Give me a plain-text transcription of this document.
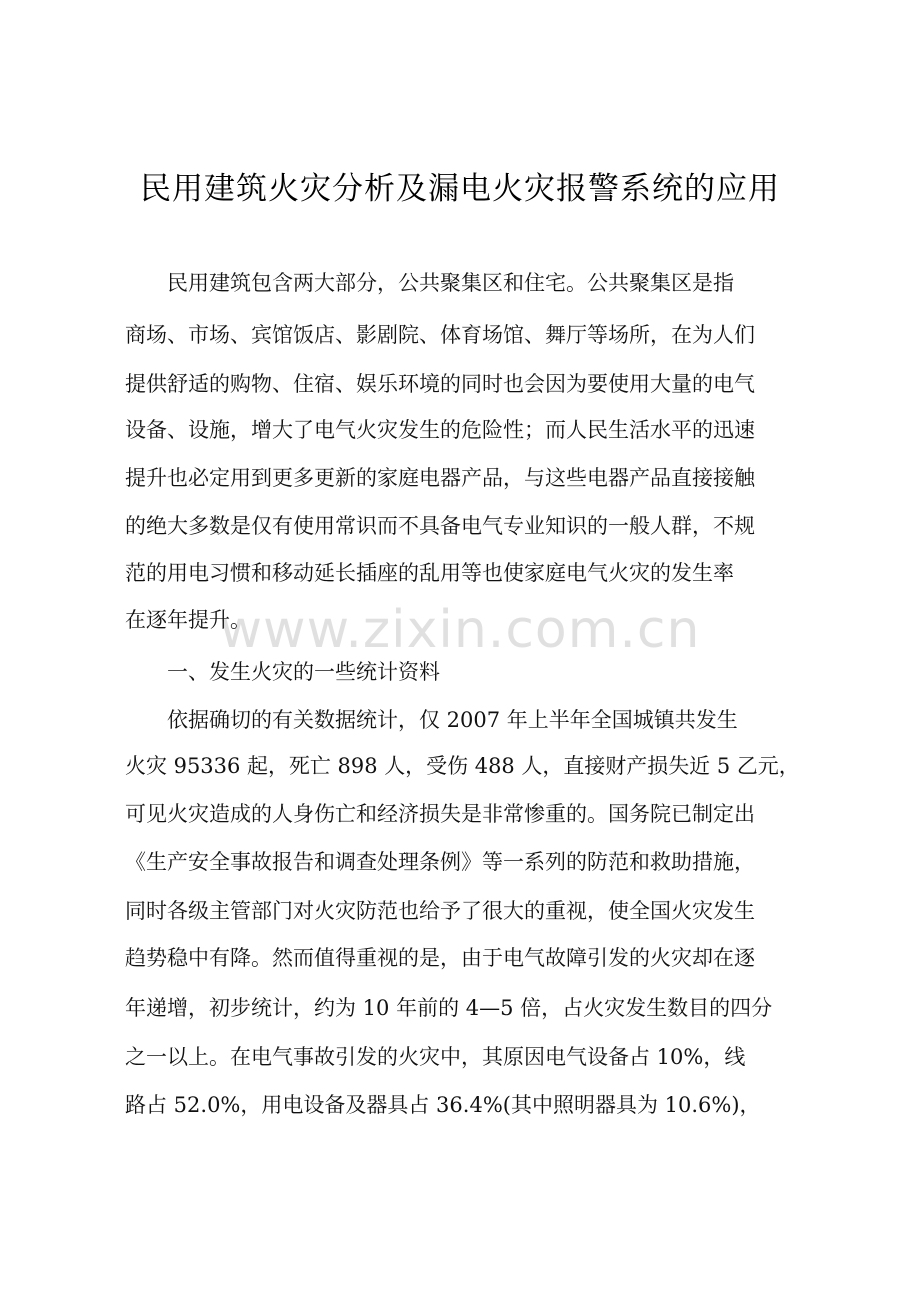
民用建筑火灾分析及漏电火灾报警系统的应用
www.zixin.com.cn
民用建筑包含两大部分，公共聚集区和住宅。公共聚集区是指
商场、市场、宾馆饭店、影剧院、体育场馆、舞厅等场所，在为人们
提供舒适的购物、住宿、娱乐环境的同时也会因为要使用大量的电气
设备、设施，增大了电气火灾发生的危险性；而人民生活水平的迅速
提升也必定用到更多更新的家庭电器产品，与这些电器产品直接接触
的绝大多数是仅有使用常识而不具备电气专业知识的一般人群，不规
范的用电习惯和移动延长插座的乱用等也使家庭电气火灾的发生率
在逐年提升。
一、发生火灾的一些统计资料
依据确切的有关数据统计，仅 2007 年上半年全国城镇共发生
火灾 95336 起，死亡 898 人，受伤 488 人，直接财产损失近 5 乙元，
可见火灾造成的人身伤亡和经济损失是非常惨重的。国务院已制定出
《生产安全事故报告和调查处理条例》等一系列的防范和救助措施，
同时各级主管部门对火灾防范也给予了很大的重视，使全国火灾发生
趋势稳中有降。然而值得重视的是，由于电气故障引发的火灾却在逐
年递增，初步统计，约为 10 年前的 4—5 倍，占火灾发生数目的四分
之一以上。在电气事故引发的火灾中，其原因电气设备占 10%，线
路占 52.0%，用电设备及器具占 36.4%(其中照明器具为 10.6%)，
